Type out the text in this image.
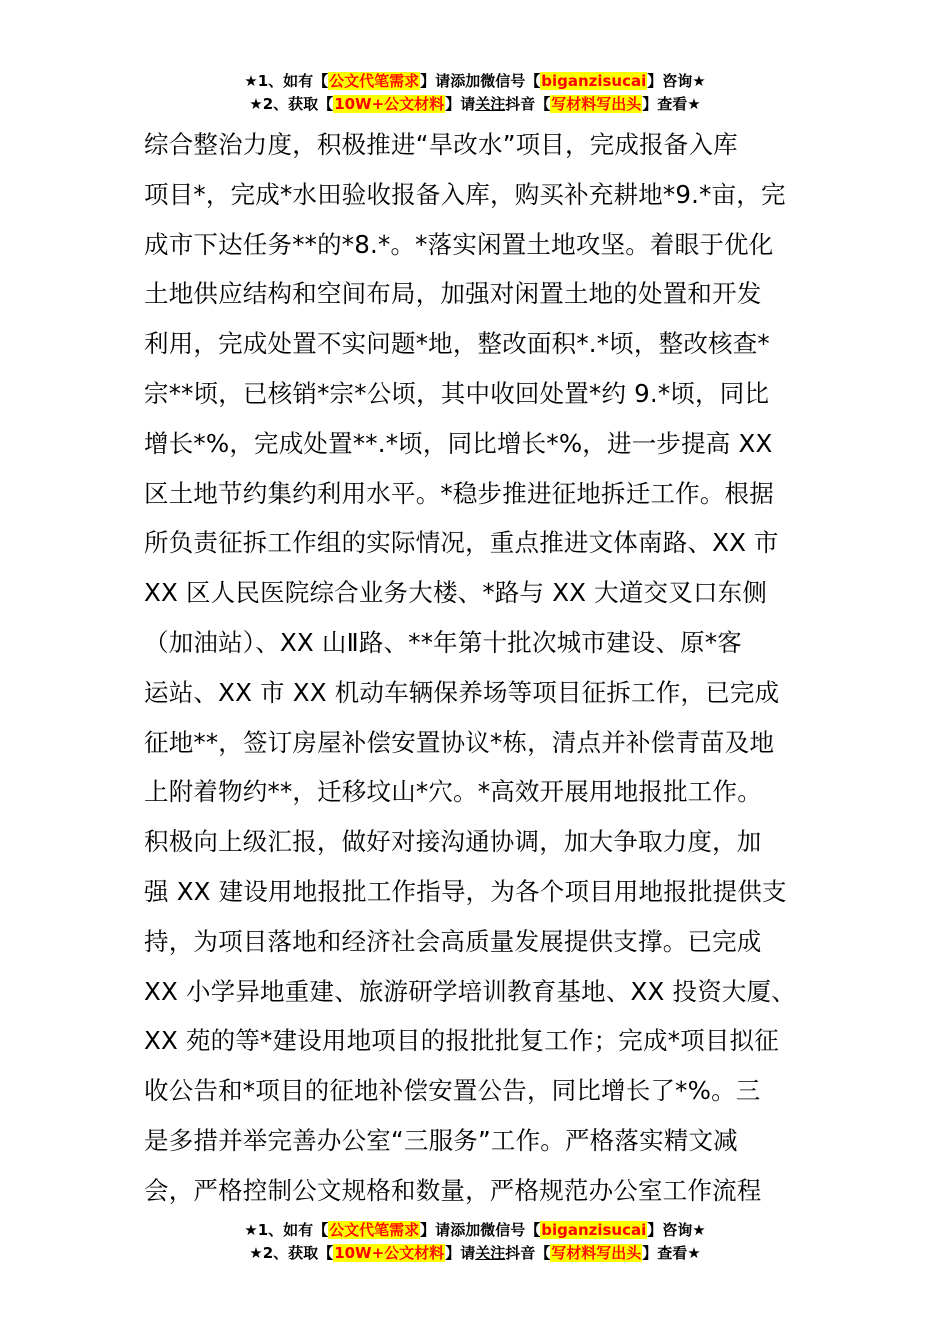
★1、如有【公文代笔需求】请添加微信号【biganzisucai】咨询★
★2、获取【10W+公文材料】请关注抖音【写材料写出头】查看★
综合整治力度，积极推进“旱改水”项目，完成报备入库
项目*，完成*水田验收报备入库，购买补充耕地*9.*亩，完
成市下达任务**的*8.*。*落实闲置土地攻坚。着眼于优化
土地供应结构和空间布局，加强对闲置土地的处置和开发
利用，完成处置不实问题*地，整改面积*.*顷，整改核查*
宗**顷，已核销*宗*公顷，其中收回处置*约 9.*顷，同比
增长*%，完成处置**.*顷，同比增长*%，进一步提高 XX
区土地节约集约利用水平。*稳步推进征地拆迁工作。根据
所负责征拆工作组的实际情况，重点推进文体南路、XX 市
XX 区人民医院综合业务大楼、*路与 XX 大道交叉口东侧
（加油站）、XX 山Ⅱ路、**年第十批次城市建设、原*客
运站、XX 市 XX 机动车辆保养场等项目征拆工作，已完成
征地**，签订房屋补偿安置协议*栋，清点并补偿青苗及地
上附着物约**，迁移坟山*穴。*高效开展用地报批工作。
积极向上级汇报，做好对接沟通协调，加大争取力度，加
强 XX 建设用地报批工作指导，为各个项目用地报批提供支
持，为项目落地和经济社会高质量发展提供支撑。已完成
XX 小学异地重建、旅游研学培训教育基地、XX 投资大厦、
XX 苑的等*建设用地项目的报批批复工作；完成*项目拟征
收公告和*项目的征地补偿安置公告，同比增长了*%。三
是多措并举完善办公室“三服务”工作。严格落实精文减
会，严格控制公文规格和数量，严格规范办公室工作流程
★1、如有【公文代笔需求】请添加微信号【biganzisucai】咨询★
★2、获取【10W+公文材料】请关注抖音【写材料写出头】查看★
